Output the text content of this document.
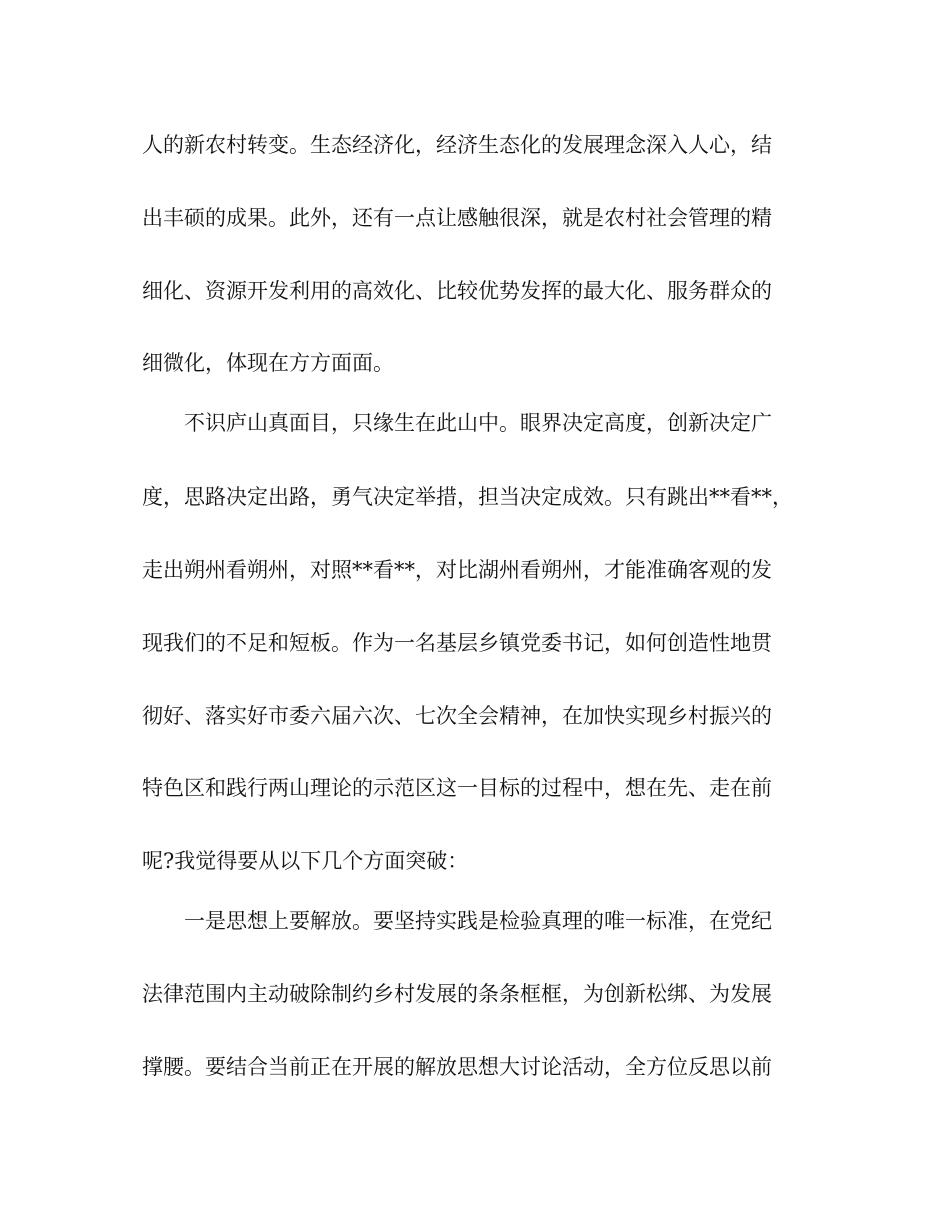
人的新农村转变。生态经济化，经济生态化的发展理念深入人心，结
出丰硕的成果。此外，还有一点让感触很深，就是农村社会管理的精
细化、资源开发利用的高效化、比较优势发挥的最大化、服务群众的
细微化，体现在方方面面。
不识庐山真面目，只缘生在此山中。眼界决定高度，创新决定广
度，思路决定出路，勇气决定举措，担当决定成效。只有跳出**看**，
走出朔州看朔州，对照**看**，对比湖州看朔州，才能准确客观的发
现我们的不足和短板。作为一名基层乡镇党委书记，如何创造性地贯
彻好、落实好市委六届六次、七次全会精神，在加快实现乡村振兴的
特色区和践行两山理论的示范区这一目标的过程中，想在先、走在前
呢?我觉得要从以下几个方面突破：
一是思想上要解放。要坚持实践是检验真理的唯一标准，在党纪
法律范围内主动破除制约乡村发展的条条框框，为创新松绑、为发展
撑腰。要结合当前正在开展的解放思想大讨论活动，全方位反思以前
